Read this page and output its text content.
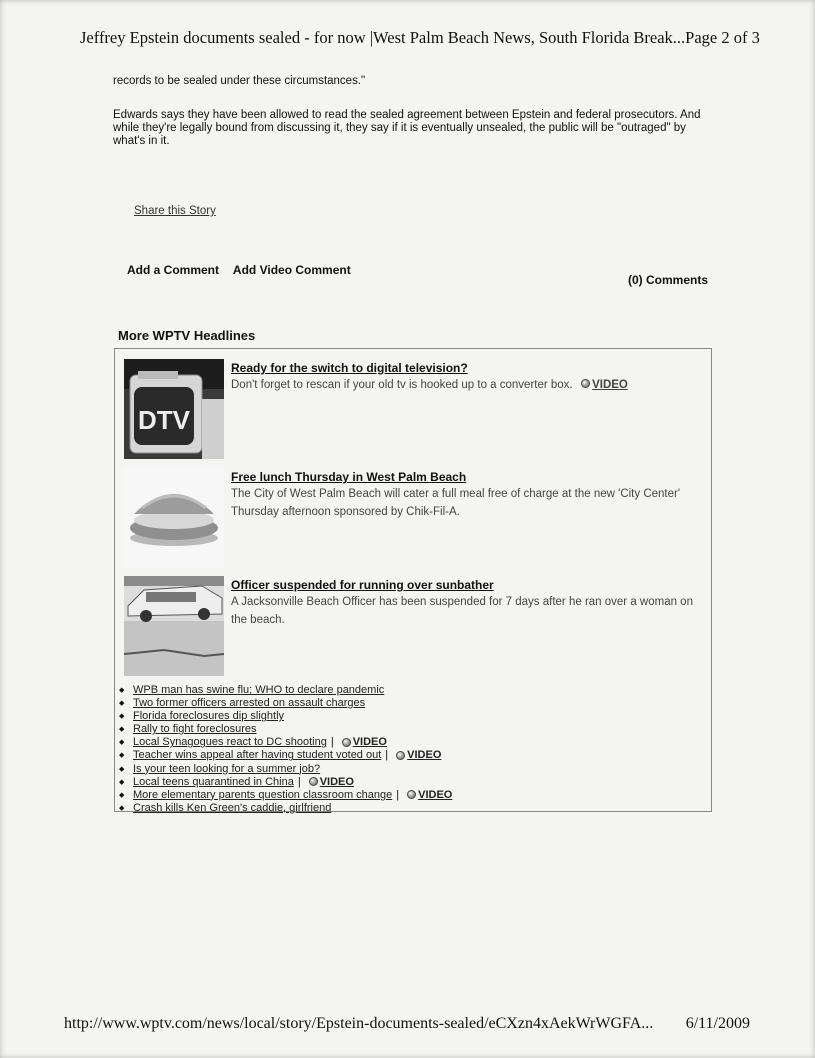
Jeffrey Epstein documents sealed - for now |West Palm Beach News, South Florida Break... Page 2 of 3
records to be sealed under these circumstances."
Edwards says they have been allowed to read the sealed agreement between Epstein and federal prosecutors. And while they're legally bound from discussing it, they say if it is eventually unsealed, the public will be "outraged" by what's in it.
Share this Story
Add a Comment Add Video Comment
(0) Comments
More WPTV Headlines
DTV
Ready for the switch to digital television?
Don't forget to rescan if your old tv is hooked up to a converter box. VIDEO
Free lunch Thursday in West Palm Beach
The City of West Palm Beach will cater a full meal free of charge at the new 'City Center' Thursday afternoon sponsored by Chik-Fil-A.
Officer suspended for running over sunbather
A Jacksonville Beach Officer has been suspended for 7 days after he ran over a woman on the beach.
◆ WPB man has swine flu; WHO to declare pandemic
◆ Two former officers arrested on assault charges
◆ Florida foreclosures dip slightly
◆ Rally to fight foreclosures
◆ Local Synagogues react to DC shooting | VIDEO
◆ Teacher wins appeal after having student voted out | VIDEO
◆ Is your teen looking for a summer job?
◆ Local teens quarantined in China | VIDEO
◆ More elementary parents question classroom change | VIDEO
◆ Crash kills Ken Green's caddie, girlfriend
http://www.wptv.com/news/local/story/Epstein-documents-sealed/eCXzn4xAekWrWGFA... 6/11/2009
